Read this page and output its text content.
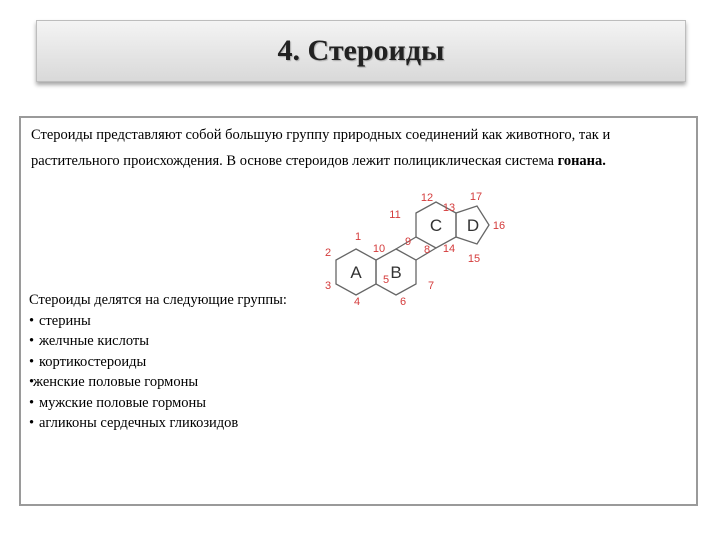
4. Стероиды
Стероиды представляют собой большую группу природных соединений как животного, так и растительного происхождения. В основе стероидов лежит полициклическая система гонана.
A B
C D
1
2
3
4
5
6
7
8
9
10
11
12
13
14
15
16
17
Стероиды делятся на следующие группы:
• стерины
• желчные кислоты
• кортикостероиды
•женские половые гормоны
• мужские половые гормоны
• агликоны сердечных гликозидов
